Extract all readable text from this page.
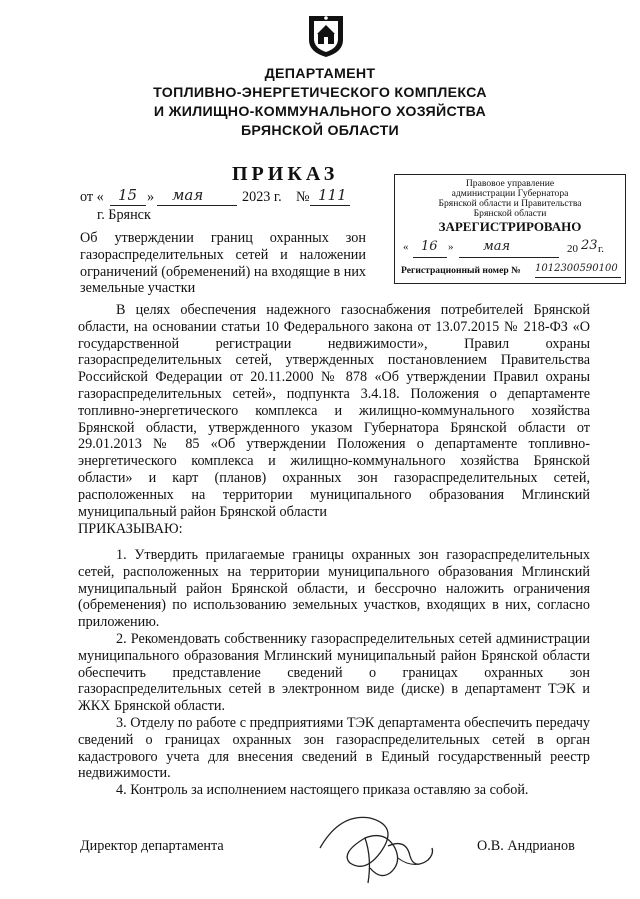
ДЕПАРТАМЕНТ
ТОПЛИВНО-ЭНЕРГЕТИЧЕСКОГО КОМПЛЕКСА
И ЖИЛИЩНО-КОММУНАЛЬНОГО ХОЗЯЙСТВА
БРЯНСКОЙ ОБЛАСТИ
ПРИКАЗ
от « 15 » мая	2023 г. № 111
г. Брянск
Об утверждении границ охранных зон газораспределительных сетей и наложении ограничений (обременений) на входящие в них земельные участки
Правовое управление
администрации Губернатора
Брянской области и Правительства
Брянской области
ЗАРЕГИСТРИРОВАНО
« 16 » мая	20 23 г.
Регистрационный номер № 1012300590100
В целях обеспечения надежного газоснабжения потребителей Брянской области, на основании статьи 10 Федерального закона от 13.07.2015 № 218-ФЗ «О государственной регистрации недвижимости», Правил охраны газораспределительных сетей, утвержденных постановлением Правительства Российской Федерации от 20.11.2000 № 878 «Об утверждении Правил охраны газораспределительных сетей», подпункта 3.4.18. Положения о департаменте топливно-энергетического комплекса и жилищно-коммунального хозяйства Брянской области, утвержденного указом Губернатора Брянской области от 29.01.2013 № 85 «Об утверждении Положения о департаменте топливно-энергетического комплекса и жилищно-коммунального хозяйства Брянской области» и карт (планов) охранных зон газораспределительных сетей, расположенных на территории муниципального образования Мглинский муниципальный район Брянской области
ПРИКАЗЫВАЮ:
1. Утвердить прилагаемые границы охранных зон газораспределительных сетей, расположенных на территории муниципального образования Мглинский муниципальный район Брянской области, и бессрочно наложить ограничения (обременения) по использованию земельных участков, входящих в них, согласно приложению.
2. Рекомендовать собственнику газораспределительных сетей администрации муниципального образования Мглинский муниципальный район Брянской области обеспечить представление сведений о границах охранных зон газораспределительных сетей в электронном виде (диске) в департамент ТЭК и ЖКХ Брянской области.
3. Отделу по работе с предприятиями ТЭК департамента обеспечить передачу сведений о границах охранных зон газораспределительных сетей в орган кадастрового учета для внесения сведений в Единый государственный реестр недвижимости.
4. Контроль за исполнением настоящего приказа оставляю за собой.
Директор департамента	О.В. Андрианов
